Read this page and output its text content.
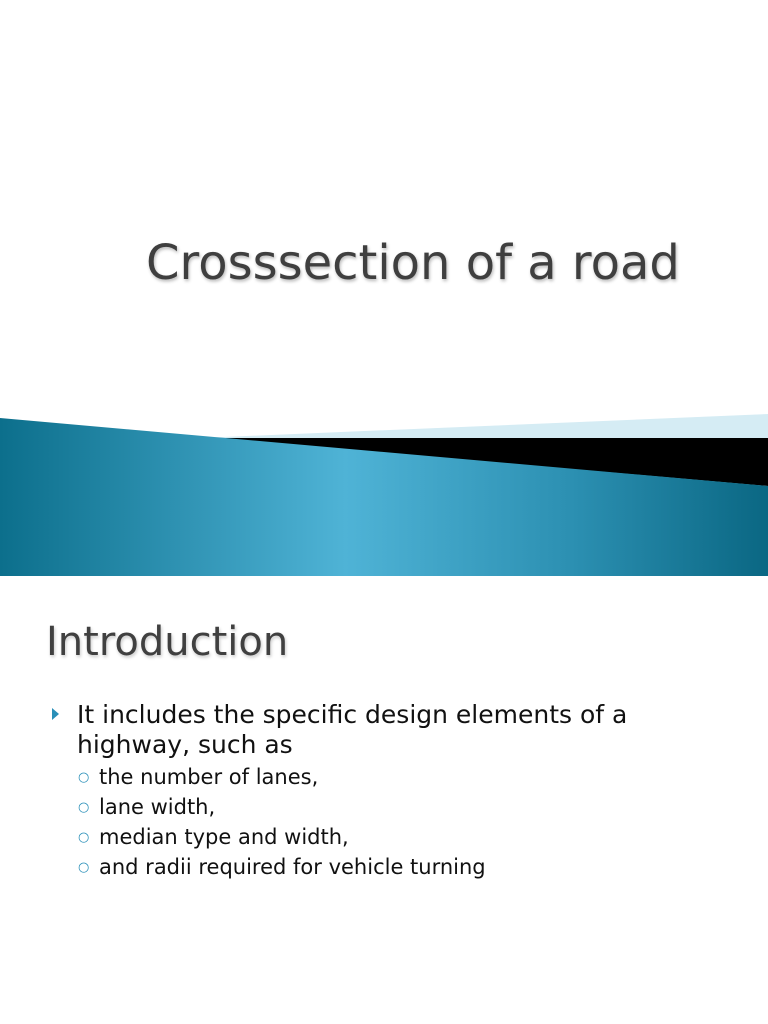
Crosssection of a road
Introduction
It includes the specific design elements of a highway, such as
○ the number of lanes,
○ lane width,
○ median type and width,
○ and radii required for vehicle turning
